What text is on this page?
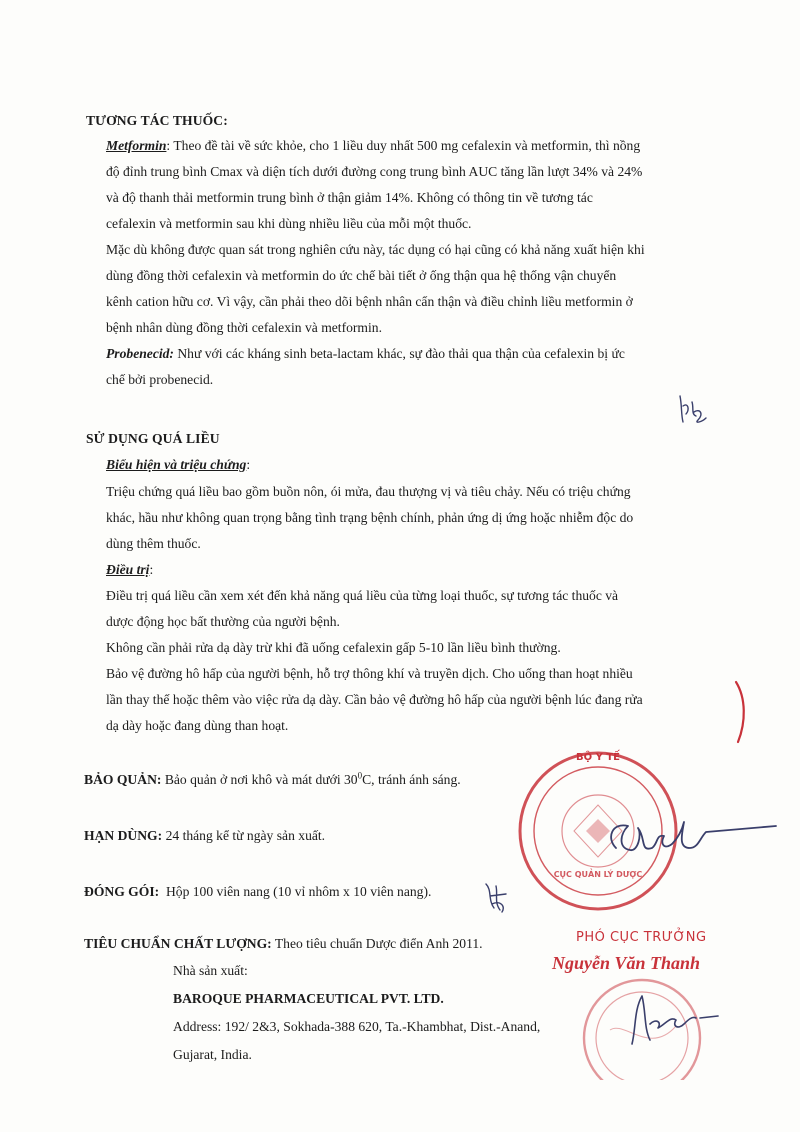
TƯƠNG TÁC THUỐC:
Metformin: Theo đề tài về sức khỏe, cho 1 liều duy nhất 500 mg cefalexin và metformin, thì nồng
độ đỉnh trung bình Cmax và diện tích dưới đường cong trung bình AUC tăng lần lượt 34% và 24%
và độ thanh thải metformin trung bình ở thận giảm 14%. Không có thông tin về tương tác
cefalexin và metformin sau khi dùng nhiều liều của mỗi một thuốc.
Mặc dù không được quan sát trong nghiên cứu này, tác dụng có hại cũng có khả năng xuất hiện khi
dùng đồng thời cefalexin và metformin do ức chế bài tiết ở ống thận qua hệ thống vận chuyển
kênh cation hữu cơ. Vì vậy, cần phải theo dõi bệnh nhân cẩn thận và điều chỉnh liều metformin ở
bệnh nhân dùng đồng thời cefalexin và metformin.
Probenecid: Như với các kháng sinh beta-lactam khác, sự đào thải qua thận của cefalexin bị ức
chế bởi probenecid.
SỬ DỤNG QUÁ LIỀU
Biểu hiện và triệu chứng:
Triệu chứng quá liều bao gồm buồn nôn, ói mửa, đau thượng vị và tiêu chảy. Nếu có triệu chứng
khác, hầu như không quan trọng bằng tình trạng bệnh chính, phản ứng dị ứng hoặc nhiễm độc do
dùng thêm thuốc.
Điều trị:
Điều trị quá liều cần xem xét đến khả năng quá liều của từng loại thuốc, sự tương tác thuốc và
dược động học bất thường của người bệnh.
Không cần phải rửa dạ dày trừ khi đã uống cefalexin gấp 5-10 lần liều bình thường.
Bảo vệ đường hô hấp của người bệnh, hỗ trợ thông khí và truyền dịch. Cho uống than hoạt nhiều
lần thay thế hoặc thêm vào việc rửa dạ dày. Cần bảo vệ đường hô hấp của người bệnh lúc đang rửa
dạ dày hoặc đang dùng than hoạt.
BẢO QUẢN: Bảo quản ở nơi khô và mát dưới $30^0C$, tránh ánh sáng.
HẠN DÙNG: 24 tháng kể từ ngày sản xuất.
ĐÓNG GÓI:  Hộp 100 viên nang (10 vỉ nhôm x 10 viên nang).
TIÊU CHUẨN CHẤT LƯỢNG: Theo tiêu chuẩn Dược điển Anh 2011.
Nhà sản xuất:
BAROQUE PHARMACEUTICAL PVT. LTD.
Address: 192/ 2&3, Sokhada-388 620, Ta.-Khambhat, Dist.-Anand,
Gujarat, India.
BỘ Y TẾ
CỤC QUẢN LÝ DƯỢC
PHÓ CỤC TRƯỞNG
Nguyễn Văn Thanh
